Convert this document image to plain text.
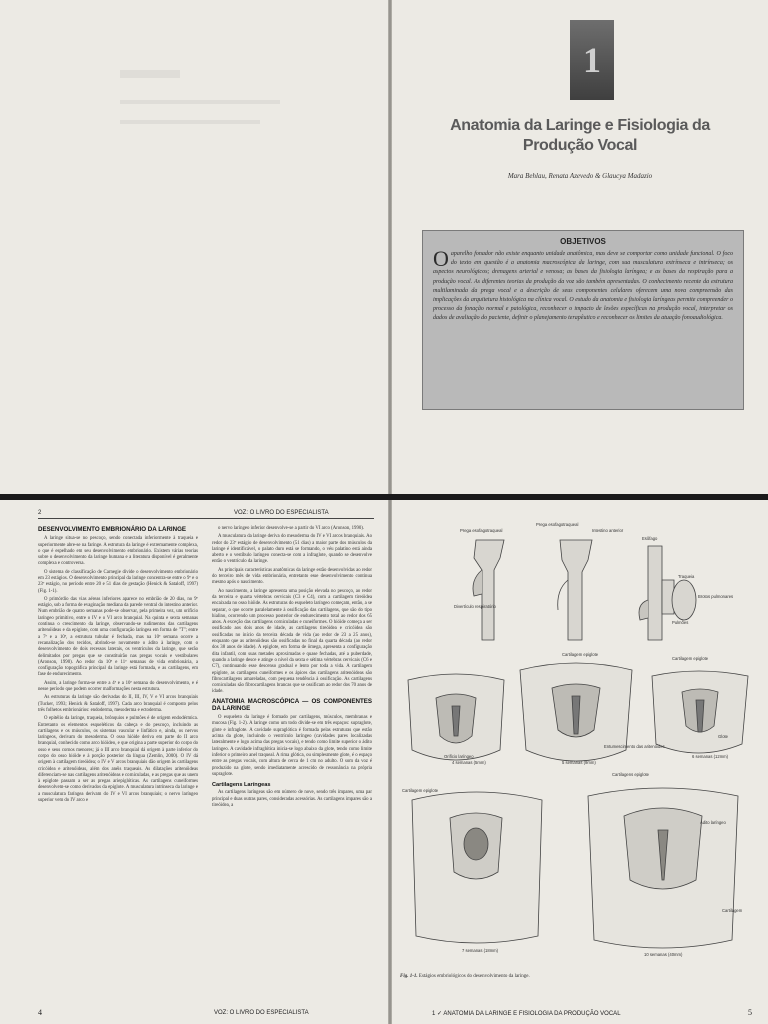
1
Anatomia da Laringe e Fisiologia da
Produção Vocal
Mara Behlau, Renata Azevedo & Glaucya Madazio
OBJETIVOS
Oaparelho fonador não existe enquanto unidade anatômica, mas deve se comportar como unidade funcional. O foco do texto em questão é a anatomia macroscópica da laringe, com sua musculatura extrínseca e intrínseca; os aspectos neurológicos; drenagens arterial e venosa; as bases da fisiologia laríngea; e as bases da respiração para a produção vocal. As diferentes teorias da produção da voz são também apresentadas. O conhecimento recente da estrutura multilaminada da prega vocal e a descrição de seus componentes celulares oferecem uma nova compreensão das implicações da arquitetura histológica na clínica vocal. O estudo da anatomia e fisiologia laríngeas permite compreender o processo da fonação normal e patológica, reconhecer o impacto de lesões específicas na produção vocal, interpretar os dados de avaliação do paciente, definir o planejamento terapêutico e reconhecer os limites da atuação fonoaudiológica.
2	VOZ: O LIVRO DO ESPECIALISTA
DESENVOLVIMENTO EMBRIONÁRIO DA LARINGE

A laringe situa-se no pescoço, sendo conectada inferiormente à traqueia e superiormente abre-se na faringe. A estrutura da laringe é extremamente complexa, o que é espelhado em seu desenvolvimento embrionário. Existem várias teorias sobre o desenvolvimento da laringe humana e a literatura disponível é geralmente complexa e controversa.

O sistema de classificação de Carnegie divide o desenvolvimento embrionário em 23 estágios. O desenvolvimento principal da laringe concentra-se entre o 9º e o 23º estágio, no período entre 20 e 51 dias de gestação (Henick & Sataloff, 1997) (Fig. 1-1).

O primórdio das vias aéreas inferiores aparece no embrião de 20 dias, no 9º estágio, sob a forma de evaginação mediana da parede ventral do intestino anterior. Num embrião de quatro semanas pode-se observar, pela primeira vez, um orifício laríngeo primitivo, entre o IV e o VI arco branquial. Na quinta e sexta semanas continua o crescimento da laringe, observando-se rudimentos das cartilagens aritenóideas e da epiglote, com uma configuração laríngea em forma de "T"; entre a 7ª e a 10ª, a estrutura tubular é fechada, mas na 10ª semana ocorre a recanalização dos tecidos, abrindo-se novamente o ádito à laringe, com o desenvolvimento de dois recessos laterais, os ventrículos da laringe, que serão delimitados por pregas que se constituirão nas pregas vocais e vestibulares (Aronson, 1990). Ao redor da 10ª e 11ª semanas de vida embrionária, a configuração topográfica principal da laringe está formada, e as cartilagens, em fase de endurecimento.

Assim, a laringe forma-se entre a 4ª e a 10ª semana do desenvolvimento, e é nesse período que podem ocorrer malformações nesta estrutura.

As estruturas da laringe são derivadas do II, III, IV, V e VI arcos branquiais (Tucker, 1993; Henick & Sataloff, 1997). Cada arco branquial é composto pelos três folhetos embrionários: endoderma, mesoderma e ectoderma.

O epitélio da laringe, traqueia, brônquios e pulmões é de origem endodérmica. Entretanto os elementos esqueléticos da cabeça e do pescoço, incluindo as cartilagens e os músculos, os sistemas vascular e linfático e, ainda, os nervos laríngeos, derivam do mesoderma. O osso hióide deriva em parte do II arco branquial, conhecido como arco hióideo, e que origina a parte superior do corpo do osso e seus cornos menores; já o III arco branquial dá origem à parte inferior do corpo do osso hióide e à porção posterior da língua (Zemlin, 2000). O IV dá origem à cartilagem tireóidea; o IV e V arcos branquiais dão origem às cartilagens cricóidea e aritenóideas, além dos anéis traqueais. As dilatações aritenóideas diferenciam-se nas cartilagens aritenóideas e corniculadas, e as pregas que as unem à epiglote passam a ser as pregas ariepiglóticas. As cartilagens cuneiformes desenvolvem-se como derivados da epiglote. A musculatura intrínseca da laringe e a musculatura faríngea derivam do IV e VI arcos branquiais; o nervo laríngeo superior vem do IV arco e

o nervo laríngeo inferior desenvolve-se a partir do VI arco (Aronson, 1990).

A musculatura da laringe deriva do mesoderma do IV e VI arcos branquiais. Ao redor do 23º estágio de desenvolvimento (51 dias) a maior parte dos músculos da laringe é identificável, o palato duro está se formando, o véu palatino está ainda aberto e o vestíbulo laríngeo conecta-se com a infraglote, quando se desenvolve então o ventrículo da laringe.

As principais características anatômicas da laringe estão desenvolvidas ao redor do terceiro mês de vida embrionária, entretanto esse desenvolvimento continua mesmo após o nascimento.

Ao nascimento, a laringe apresenta uma posição elevada no pescoço, ao redor da terceira e quarta vértebras cervicais (C3 e C4), com a cartilagem tireóidea encaixada no osso hióide. As estruturas do esqueleto laríngeo começam, então, a se separar, o que ocorre paralelamente à ossificação das cartilagens, que são do tipo hialino, ocorrendo um processo posterior de endurecimento total ao redor dos 65 anos. A exceção das cartilagens corniculadas e cuneiformes. O hióide começa a ser ossificado aos dois anos de idade, as cartilagens tireóidea e cricóidea são ossificadas no início da terceira década de vida (ao redor de 23 a 25 anos), enquanto que as aritenóideas são ossificadas no final da quarta década (ao redor dos 38 anos de idade). A epiglote, em forma de ômega, apresenta a configuração dita infantil, com suas metades aproximadas e quase fechadas, até a puberdade, quando a laringe desce e atinge o nível da sexta e sétima vértebras cervicais (C6 e C7), continuando esse descenso gradual e lento por toda a vida. A cartilagem epiglote, as cartilagens cuneiformes e os ápices das cartilagens aritenóideas são fibrocartilagens amareladas, com pequena tendência à ossificação. As cartilagens corniculadas são fibrocartilagens brancas que se ossificam ao redor dos 70 anos de idade.

ANATOMIA MACROSCÓPICA — OS COMPONENTES DA LARINGE

O esqueleto da laringe é formado por cartilagens, músculos, membranas e mucosa (Fig. 1-2). A laringe como um todo divide-se em três espaços: supraglote, glote e infraglote. A cavidade supraglótica é formada pelas estruturas que estão acima da glote, incluindo o ventrículo laríngeo (cavidades pares localizadas lateralmente e logo acima das pregas vocais), e tendo como limite superior o ádito laríngeo. A cavidade infraglótica inicia-se logo abaixo da glote, tendo como limite inferior o primeiro anel traqueal. A rima glótica, ou simplesmente glote, é o espaço entre as pregas vocais, com altura de cerca de 1 cm no adulto. O som da voz é produzido na glote, sendo imediatamente acrescido de ressonância na própria supraglote.

Cartilagens Laríngeas

As cartilagens laríngeas são em número de nove, sendo três ímpares, uma par principal e duas outras pares, consideradas acessórias. As cartilagens ímpares são a tireóidea, a

4	VOZ: O LIVRO DO ESPECIALISTA
Prega esofagotraqueal
Prega esofagotraqueal
Intestino anterior
Esôfago
Traqueia
Brotos pulmonares
Pulmões
Divertículo respiratório
Cartilagem epiglote
Cartilagem epiglote
Orifício laríngeo
4 semanas (5mm)	5 semanas (9mm)
Entumescimento das aritenóides
6 semanas (12mm)
Glote
Cartilagem epiglote
Cartilagens epiglote
Ádito laríngeo
Cartilagem
7 semanas (18mm)
10 semanas (40mm)
Fig. 1-1. Estágios embriológicos do desenvolvimento da laringe.
1 ✓ ANATOMIA DA LARINGE E FISIOLOGIA DA PRODUÇÃO VOCAL	5
